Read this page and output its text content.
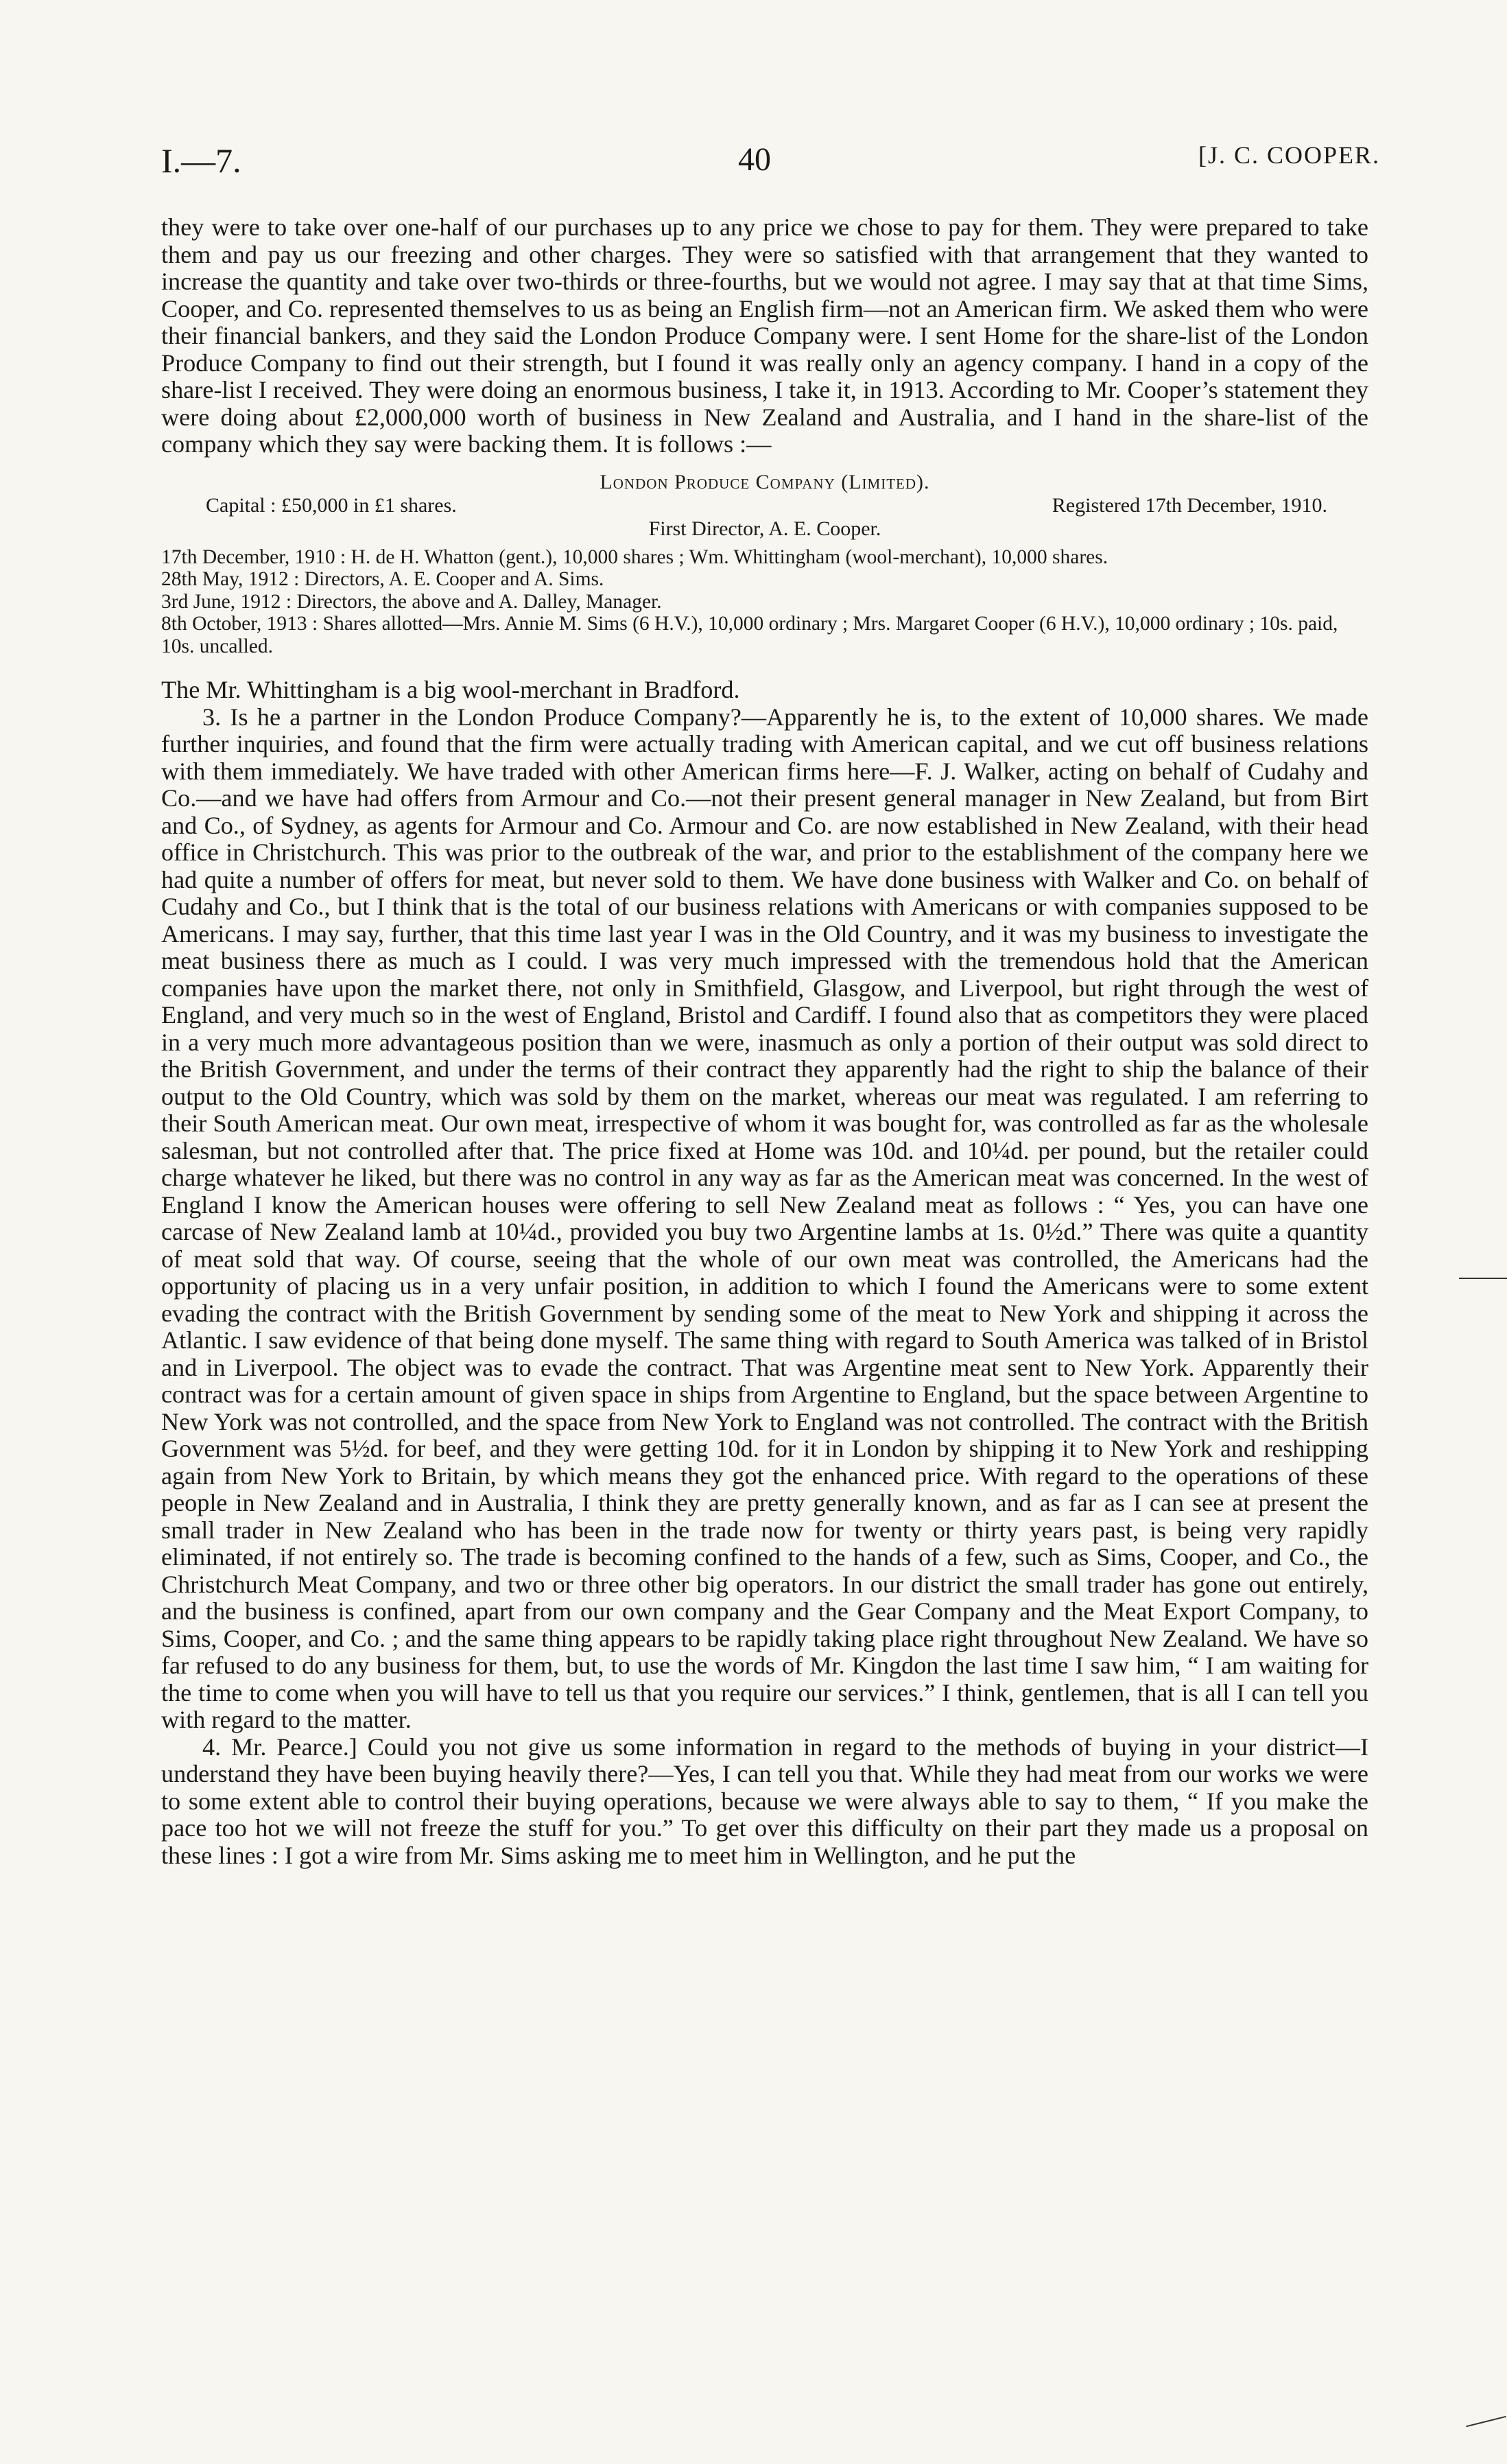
I.—7.	40	[J. C. COOPER.

they were to take over one-half of our purchases up to any price we chose to pay for them. They were prepared to take them and pay us our freezing and other charges. They were so satisfied with that arrangement that they wanted to increase the quantity and take over two-thirds or three-fourths, but we would not agree. I may say that at that time Sims, Cooper, and Co. represented themselves to us as being an English firm—not an American firm. We asked them who were their financial bankers, and they said the London Produce Company were. I sent Home for the share-list of the London Produce Company to find out their strength, but I found it was really only an agency company. I hand in a copy of the share-list I received. They were doing an enormous business, I take it, in 1913. According to Mr. Cooper’s statement they were doing about £2,000,000 worth of business in New Zealand and Australia, and I hand in the share-list of the company which they say were backing them. It is follows :—

London Produce Company (Limited).
Capital : £50,000 in £1 shares.	Registered 17th December, 1910.
First Director, A. E. Cooper.
17th December, 1910 : H. de H. Whatton (gent.), 10,000 shares ; Wm. Whittingham (wool-merchant), 10,000 shares.
28th May, 1912 : Directors, A. E. Cooper and A. Sims.
3rd June, 1912 : Directors, the above and A. Dalley, Manager.
8th October, 1913 : Shares allotted—Mrs. Annie M. Sims (6 H.V.), 10,000 ordinary ; Mrs. Margaret Cooper (6 H.V.), 10,000 ordinary ; 10s. paid, 10s. uncalled.

The Mr. Whittingham is a big wool-merchant in Bradford.

3. Is he a partner in the London Produce Company?—Apparently he is, to the extent of 10,000 shares. We made further inquiries, and found that the firm were actually trading with American capital, and we cut off business relations with them immediately. We have traded with other American firms here—F. J. Walker, acting on behalf of Cudahy and Co.—and we have had offers from Armour and Co.—not their present general manager in New Zealand, but from Birt and Co., of Sydney, as agents for Armour and Co. Armour and Co. are now established in New Zealand, with their head office in Christchurch. This was prior to the outbreak of the war, and prior to the establishment of the company here we had quite a number of offers for meat, but never sold to them. We have done business with Walker and Co. on behalf of Cudahy and Co., but I think that is the total of our business relations with Americans or with companies supposed to be Americans. I may say, further, that this time last year I was in the Old Country, and it was my business to investigate the meat business there as much as I could. I was very much impressed with the tremendous hold that the American companies have upon the market there, not only in Smithfield, Glasgow, and Liverpool, but right through the west of England, and very much so in the west of England, Bristol and Cardiff. I found also that as competitors they were placed in a very much more advantageous position than we were, inasmuch as only a portion of their output was sold direct to the British Government, and under the terms of their contract they apparently had the right to ship the balance of their output to the Old Country, which was sold by them on the market, whereas our meat was regulated. I am referring to their South American meat. Our own meat, irrespective of whom it was bought for, was controlled as far as the wholesale salesman, but not controlled after that. The price fixed at Home was 10d. and 10¼d. per pound, but the retailer could charge whatever he liked, but there was no control in any way as far as the American meat was concerned. In the west of England I know the American houses were offering to sell New Zealand meat as follows : “ Yes, you can have one carcase of New Zealand lamb at 10¼d., provided you buy two Argentine lambs at 1s. 0½d.” There was quite a quantity of meat sold that way. Of course, seeing that the whole of our own meat was controlled, the Americans had the opportunity of placing us in a very unfair position, in addition to which I found the Americans were to some extent evading the contract with the British Government by sending some of the meat to New York and shipping it across the Atlantic. I saw evidence of that being done myself. The same thing with regard to South America was talked of in Bristol and in Liverpool. The object was to evade the contract. That was Argentine meat sent to New York. Apparently their contract was for a certain amount of given space in ships from Argentine to England, but the space between Argentine to New York was not controlled, and the space from New York to England was not controlled. The contract with the British Government was 5½d. for beef, and they were getting 10d. for it in London by shipping it to New York and reshipping again from New York to Britain, by which means they got the enhanced price. With regard to the operations of these people in New Zealand and in Australia, I think they are pretty generally known, and as far as I can see at present the small trader in New Zealand who has been in the trade now for twenty or thirty years past, is being very rapidly eliminated, if not entirely so. The trade is becoming confined to the hands of a few, such as Sims, Cooper, and Co., the Christchurch Meat Company, and two or three other big operators. In our district the small trader has gone out entirely, and the business is confined, apart from our own company and the Gear Company and the Meat Export Company, to Sims, Cooper, and Co. ; and the same thing appears to be rapidly taking place right throughout New Zealand. We have so far refused to do any business for them, but, to use the words of Mr. Kingdon the last time I saw him, “ I am waiting for the time to come when you will have to tell us that you require our services.” I think, gentlemen, that is all I can tell you with regard to the matter.

4. Mr. Pearce.] Could you not give us some information in regard to the methods of buying in your district—I understand they have been buying heavily there?—Yes, I can tell you that. While they had meat from our works we were to some extent able to control their buying operations, because we were always able to say to them, “ If you make the pace too hot we will not freeze the stuff for you.” To get over this difficulty on their part they made us a proposal on these lines : I got a wire from Mr. Sims asking me to meet him in Wellington, and he put the
